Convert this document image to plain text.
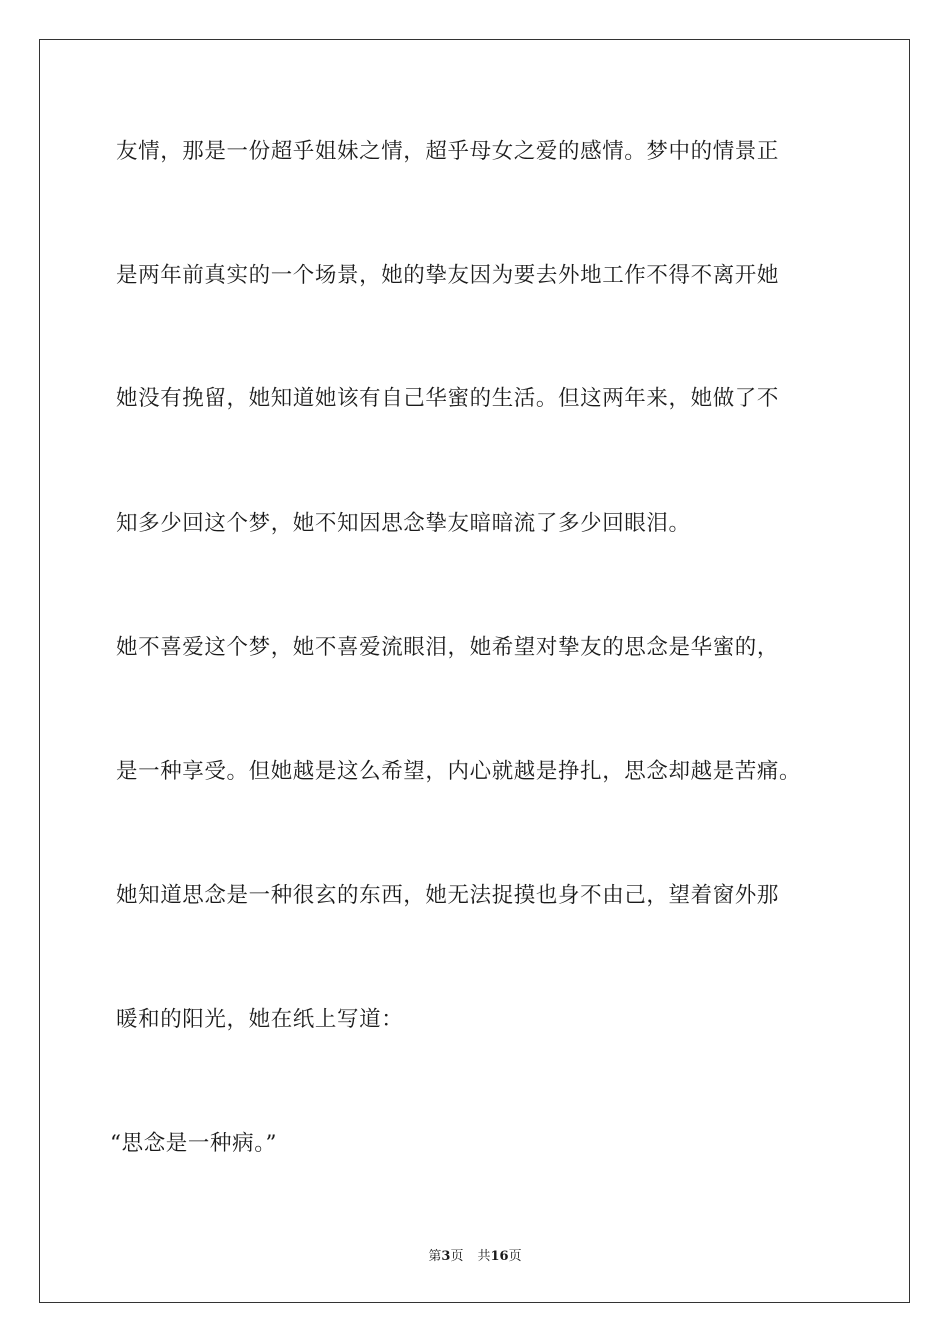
友情，那是一份超乎姐妹之情，超乎母女之爱的感情。梦中的情景正
是两年前真实的一个场景，她的挚友因为要去外地工作不得不离开她
她没有挽留，她知道她该有自己华蜜的生活。但这两年来，她做了不
知多少回这个梦，她不知因思念挚友暗暗流了多少回眼泪。
她不喜爱这个梦，她不喜爱流眼泪，她希望对挚友的思念是华蜜的，
是一种享受。但她越是这么希望，内心就越是挣扎，思念却越是苦痛。
她知道思念是一种很玄的东西，她无法捉摸也身不由己，望着窗外那
暖和的阳光，她在纸上写道：
“思念是一种病。”
第3页 共16页
